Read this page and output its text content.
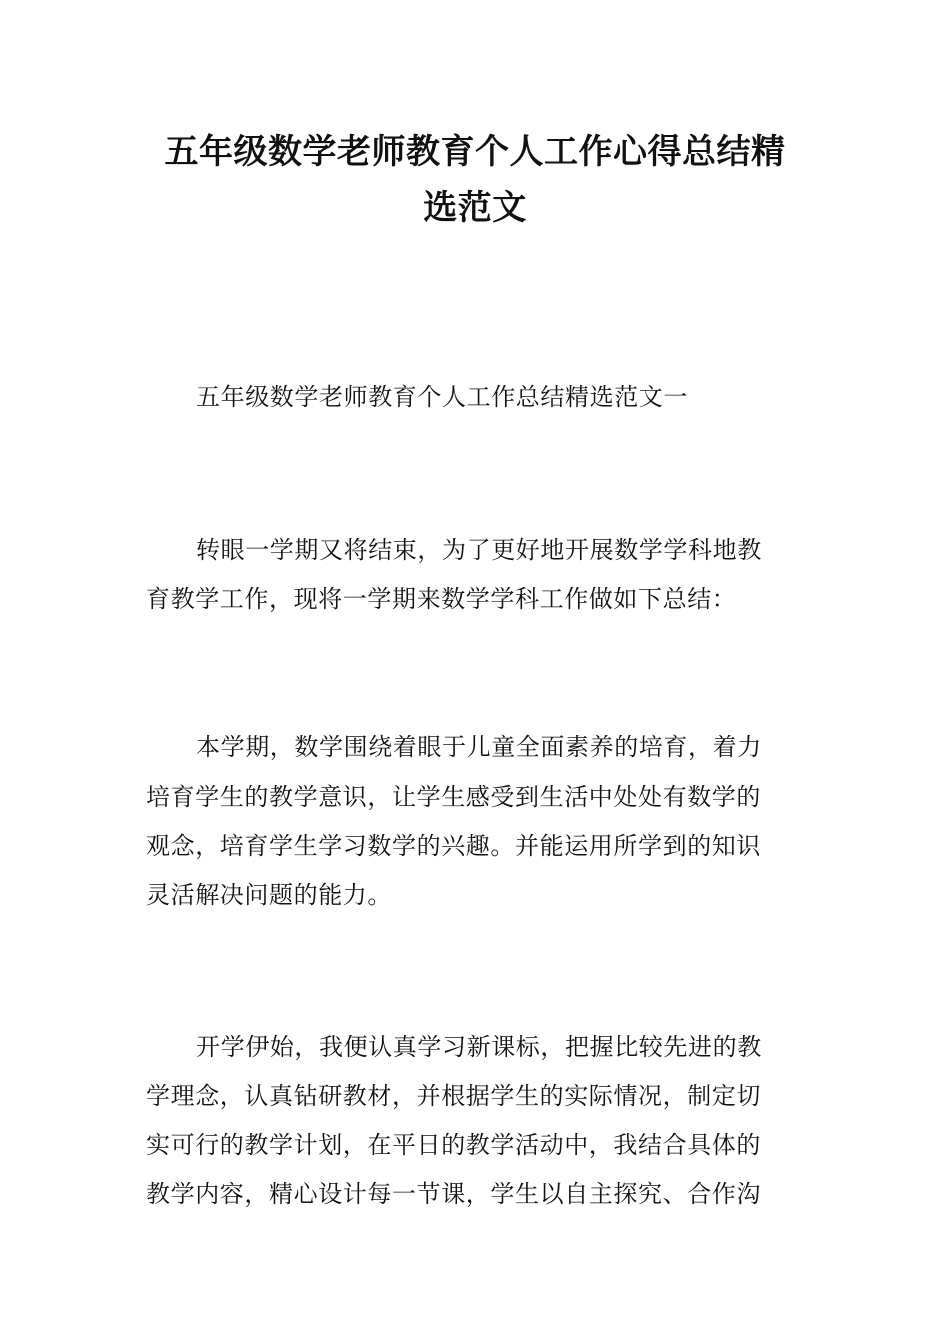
五年级数学老师教育个人工作心得总结精
选范文
五年级数学老师教育个人工作总结精选范文一
转眼一学期又将结束，为了更好地开展数学学科地教
育教学工作，现将一学期来数学学科工作做如下总结：
本学期，数学围绕着眼于儿童全面素养的培育，着力
培育学生的教学意识，让学生感受到生活中处处有数学的
观念，培育学生学习数学的兴趣。并能运用所学到的知识
灵活解决问题的能力。
开学伊始，我便认真学习新课标，把握比较先进的教
学理念，认真钻研教材，并根据学生的实际情况，制定切
实可行的教学计划，在平日的教学活动中，我结合具体的
教学内容，精心设计每一节课，学生以自主探究、合作沟
